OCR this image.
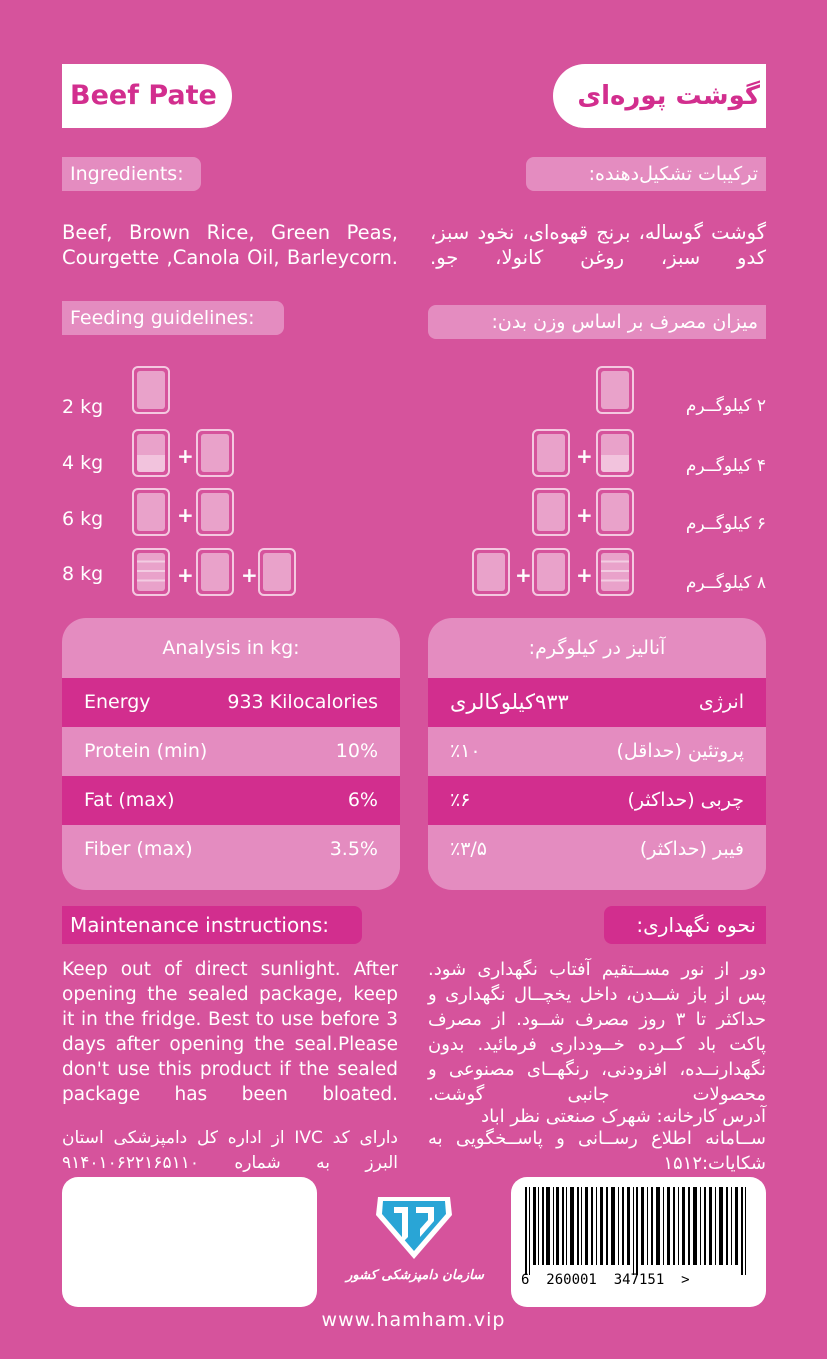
Beef Pate	گوشت پوره‌ای
Ingredients:	ترکیبات تشکیل‌دهنده:
Beef, Brown Rice, Green Peas, Courgette ,Canola Oil, Barleycorn.
گوشت گوساله، برنج قهوه‌ای، نخود سبز، کدو سبز، روغن کانولا، جو.
Feeding guidelines:	میزان مصرف بر اساس وزن بدن:
2 kg
4 kg
6 kg
8 kg
+
+
+ +
۲ کیلوگــرم
۴ کیلوگــرم
۶ کیلوگــرم
۸ کیلوگــرم
+
+
+ +
Analysis in kg:
Energy	933 Kilocalories
Protein (min)	10%
Fat (max)	6%
Fiber (max)	3.5%
آنالیز در کیلوگرم:
انرژی
۹۳۳کیلوکالری
پروتئین (حداقل)
٪۱۰
چربی (حداکثر)
٪۶
فیبر (حداکثر)
٪۳/۵
Maintenance instructions:	نحوه نگهداری:
Keep out of direct sunlight. After opening the sealed package, keep it in the fridge. Best to use before 3 days after opening the seal.Please don't use this product if the sealed package has been bloated.
دور از نور مســتقیم آفتاب نگهداری شود. پس از باز شــدن، داخل یخچــال نگهداری و حداکثر تا ۳ روز مصرف شــود. از مصرف پاکت باد کــرده خــودداری فرمائید. بدون نگهدارنــده، افزودنی، رنگهــای مصنوعی و محصولات جانبی گوشت.
آدرس کارخانه: شهرک صنعتی نظر اباد
ســامانه اطلاع رســانی و پاســخگویی به شکایات:۱۵۱۲
دارای کد IVC از اداره کل دامپزشکی استان البرز به شماره ۹۱۴۰۱۰۶۲۲۱۶۵۱۱۰
6  260001  347151  >
سازمان دامپزشکی کشور
www.hamham.vip
